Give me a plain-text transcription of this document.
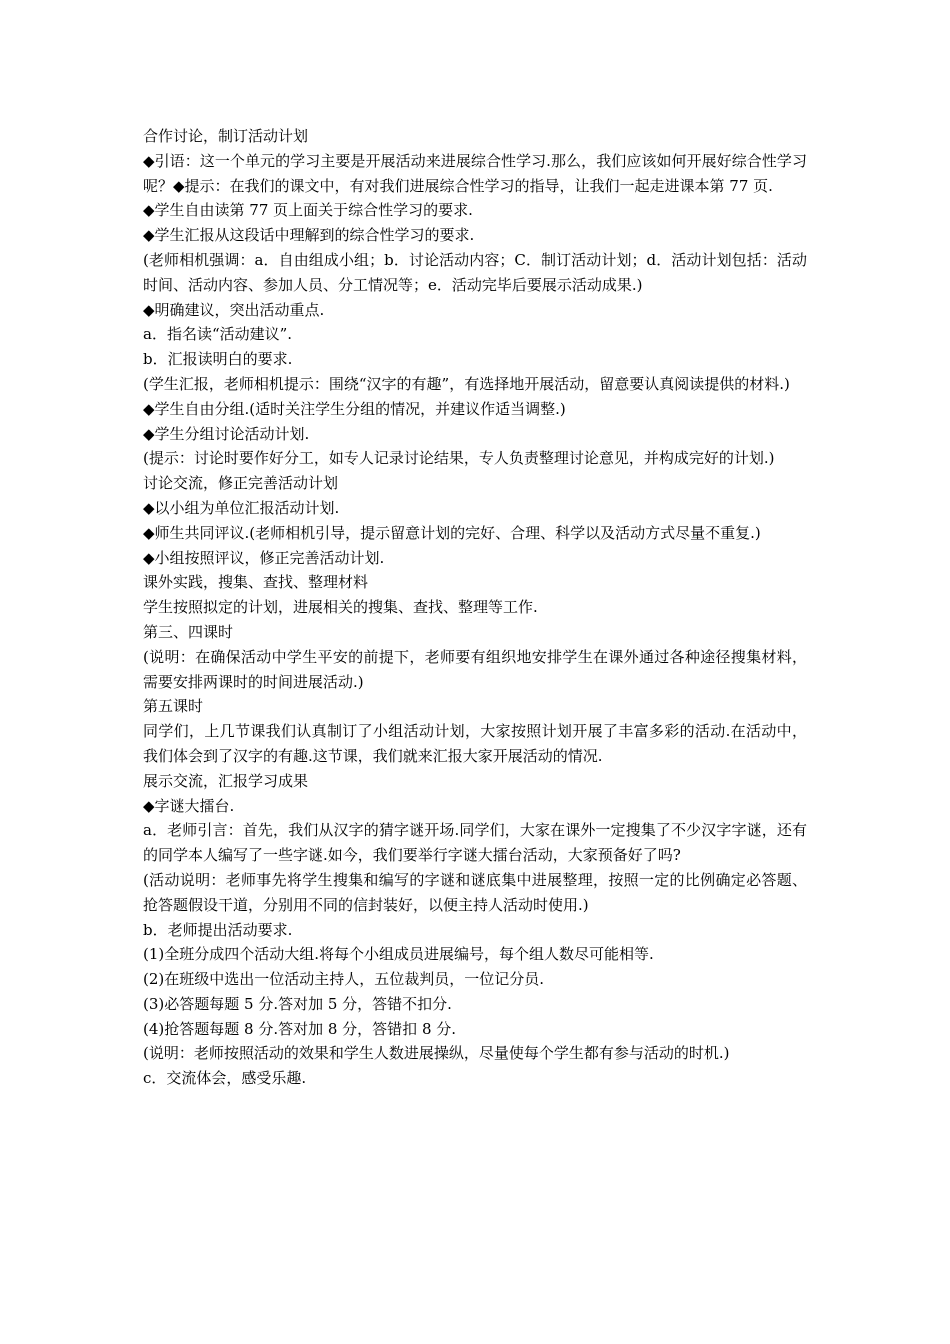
合作讨论，制订活动计划

◆引语：这一个单元的学习主要是开展活动来进展综合性学习.那么，我们应该如何开展好综合性学习呢？◆提示：在我们的课文中，有对我们进展综合性学习的指导，让我们一起走进课本第 77 页.

◆学生自由读第 77 页上面关于综合性学习的要求.

◆学生汇报从这段话中理解到的综合性学习的要求.

(老师相机强调：a．自由组成小组；b．讨论活动内容；C．制订活动计划；d．活动计划包括：活动时间、活动内容、参加人员、分工情况等；e．活动完毕后要展示活动成果.)

◆明确建议，突出活动重点.

a．指名读“活动建议”.

b．汇报读明白的要求.

(学生汇报，老师相机提示：围绕“汉字的有趣”，有选择地开展活动，留意要认真阅读提供的材料.)

◆学生自由分组.(适时关注学生分组的情况，并建议作适当调整.)

◆学生分组讨论活动计划.

(提示：讨论时要作好分工，如专人记录讨论结果，专人负责整理讨论意见，并构成完好的计划.)

讨论交流，修正完善活动计划

◆以小组为单位汇报活动计划.

◆师生共同评议.(老师相机引导，提示留意计划的完好、合理、科学以及活动方式尽量不重复.)

◆小组按照评议，修正完善活动计划.

课外实践，搜集、查找、整理材料

学生按照拟定的计划，进展相关的搜集、查找、整理等工作.

第三、四课时

(说明：在确保活动中学生平安的前提下，老师要有组织地安排学生在课外通过各种途径搜集材料，需要安排两课时的时间进展活动.)

第五课时

同学们，上几节课我们认真制订了小组活动计划，大家按照计划开展了丰富多彩的活动.在活动中，我们体会到了汉字的有趣.这节课，我们就来汇报大家开展活动的情况.

展示交流，汇报学习成果

◆字谜大擂台.

a．老师引言：首先，我们从汉字的猜字谜开场.同学们，大家在课外一定搜集了不少汉字字谜，还有的同学本人编写了一些字谜.如今，我们要举行字谜大擂台活动，大家预备好了吗?

(活动说明：老师事先将学生搜集和编写的字谜和谜底集中进展整理，按照一定的比例确定必答题、抢答题假设干道，分别用不同的信封装好，以便主持人活动时使用.)

b．老师提出活动要求.

(1)全班分成四个活动大组.将每个小组成员进展编号，每个组人数尽可能相等.

(2)在班级中选出一位活动主持人，五位裁判员，一位记分员.

(3)必答题每题 5 分.答对加 5 分，答错不扣分.

(4)抢答题每题 8 分.答对加 8 分，答错扣 8 分.

(说明：老师按照活动的效果和学生人数进展操纵，尽量使每个学生都有参与活动的时机.)

c．交流体会，感受乐趣.
